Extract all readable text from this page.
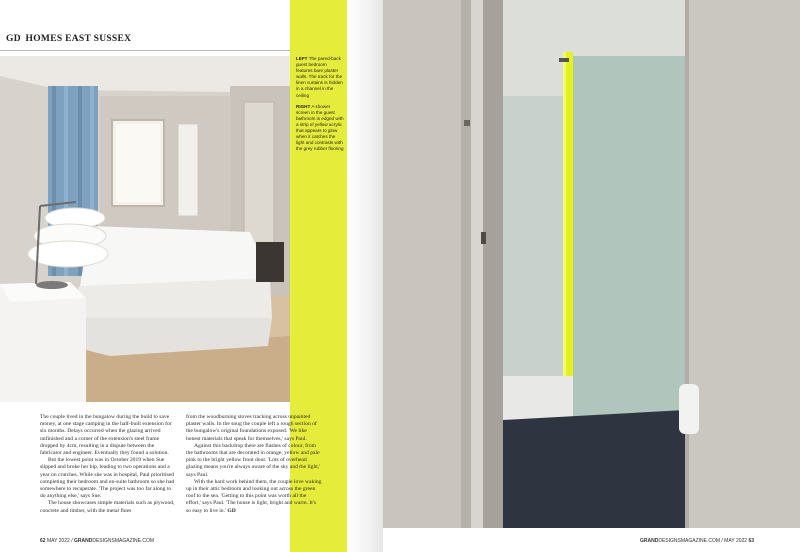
GD HOMES EAST SUSSEX

LEFT The pared-back guest bedroom features bare plaster walls. The track for the linen curtains is hidden in a channel in the ceiling

RIGHT A shower screen in the guest bathroom is edged with a strip of yellow acrylic that appears to glow when it catches the light and contrasts with the grey rubber flooring

The couple lived in the bungalow during the build to save money, at one stage camping in the half-built extension for six months. Delays occurred when the glazing arrived unfinished and a corner of the extension's steel frame dropped by 4cm, resulting in a dispute between the fabricator and engineer. Eventually they found a solution.

But the lowest point was in October 2019 when Sue slipped and broke her hip, leading to two operations and a year on crutches. While she was in hospital, Paul prioritised completing their bedroom and en-suite bathroom so she had somewhere to recuperate. 'The project was too far along to do anything else,' says Sue.

The house showcases simple materials such as plywood, concrete and timber, with the metal flues

from the woodburning stoves tracking across unpainted plaster walls. In the snug the couple left a rough section of the bungalow's original foundations exposed. 'We like honest materials that speak for themselves,' says Paul.

Against this backdrop there are flashes of colour, from the bathrooms that are decorated in orange, yellow and pale pink to the bright yellow front door. 'Lots of overhead glazing means you're always aware of the sky and the light,' says Paul.

With the hard work behind them, the couple love waking up in their attic bedroom and looking out across the green roof to the sea. 'Getting to this point was worth all the effort,' says Paul. 'The house is light, bright and warm. It's so easy to live in.' GD

62 MAY 2022 / GRANDDESIGNSMAGAZINE.COM	GRANDDESIGNSMAGAZINE.COM / MAY 2022 63
